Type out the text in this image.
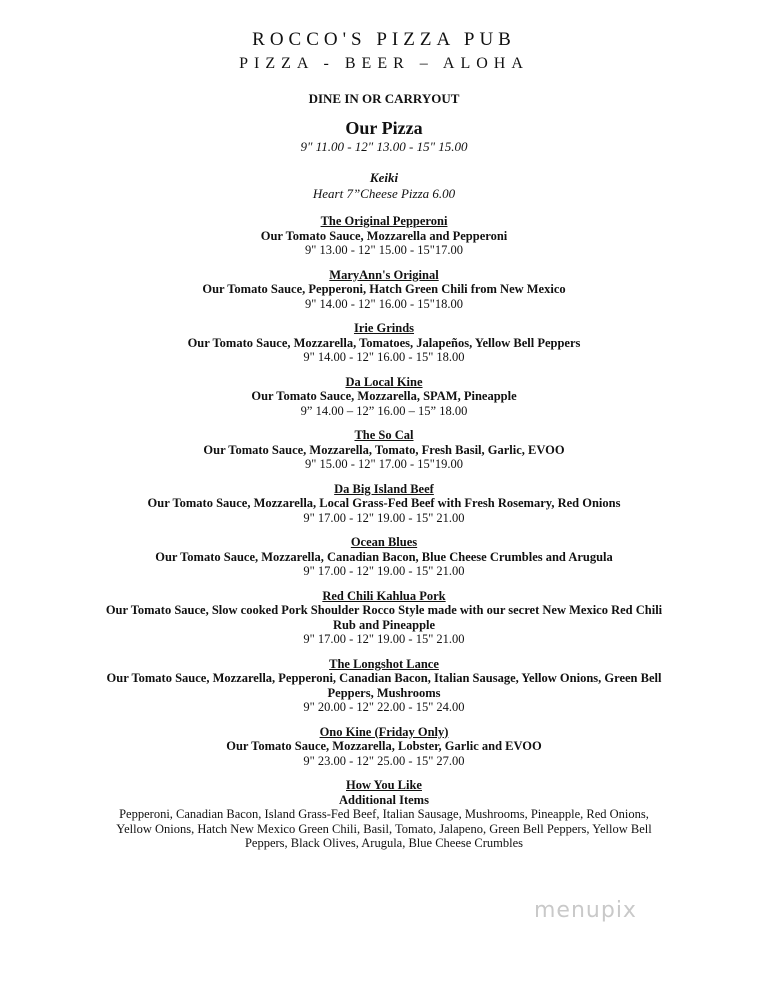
ROCCO'S PIZZA PUB
PIZZA - BEER – ALOHA
DINE IN OR CARRYOUT
Our Pizza
9" 11.00 - 12" 13.00 - 15" 15.00
Keiki
Heart 7”Cheese Pizza 6.00
The Original Pepperoni
Our Tomato Sauce, Mozzarella and Pepperoni
9" 13.00 - 12" 15.00 - 15"17.00
MaryAnn's Original
Our Tomato Sauce, Pepperoni, Hatch Green Chili from New Mexico
9" 14.00 - 12" 16.00 - 15"18.00
Irie Grinds
Our Tomato Sauce, Mozzarella, Tomatoes, Jalapeños, Yellow Bell Peppers
9" 14.00 - 12" 16.00 - 15" 18.00
Da Local Kine
Our Tomato Sauce, Mozzarella, SPAM, Pineapple
9” 14.00 – 12” 16.00 – 15” 18.00
The So Cal
Our Tomato Sauce, Mozzarella, Tomato, Fresh Basil, Garlic, EVOO
9" 15.00 - 12" 17.00 - 15"19.00
Da Big Island Beef
Our Tomato Sauce, Mozzarella, Local Grass-Fed Beef with Fresh Rosemary, Red Onions
9" 17.00 - 12" 19.00 - 15" 21.00
Ocean Blues
Our Tomato Sauce, Mozzarella, Canadian Bacon, Blue Cheese Crumbles and Arugula
9" 17.00 - 12" 19.00 - 15" 21.00
Red Chili Kahlua Pork
Our Tomato Sauce, Slow cooked Pork Shoulder Rocco Style made with our secret New Mexico Red Chili Rub and Pineapple
9" 17.00 - 12" 19.00 - 15" 21.00
The Longshot Lance
Our Tomato Sauce, Mozzarella, Pepperoni, Canadian Bacon, Italian Sausage, Yellow Onions, Green Bell Peppers, Mushrooms
9" 20.00 - 12" 22.00 - 15" 24.00
Ono Kine (Friday Only)
Our Tomato Sauce, Mozzarella, Lobster, Garlic and EVOO
9" 23.00 - 12" 25.00 - 15" 27.00
How You Like
Additional Items
Pepperoni, Canadian Bacon, Island Grass-Fed Beef, Italian Sausage, Mushrooms, Pineapple, Red Onions, Yellow Onions, Hatch New Mexico Green Chili, Basil, Tomato, Jalapeno, Green Bell Peppers, Yellow Bell Peppers, Black Olives, Arugula, Blue Cheese Crumbles
menupix
